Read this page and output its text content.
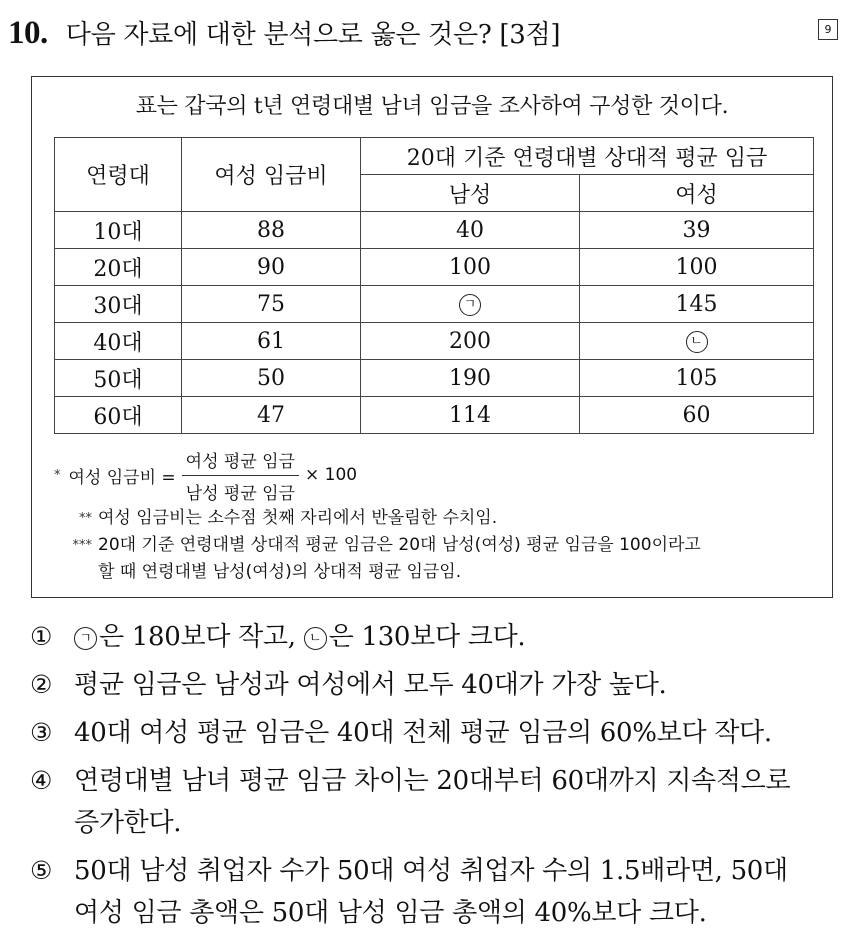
10. 다음 자료에 대한 분석으로 옳은 것은? [3점]	9
표는 갑국의 t년 연령대별 남녀 임금을 조사하여 구성한 것이다.
연령대	여성 임금비	20대 기준 연령대별 상대적 평균 임금	
		남성	여성
10대	88	40	39
20대	90	100	100
30대	75	ㄱ	145
40대	61	200	ㄴ
50대	50	190	105
60대	47	114	60
* 여성 임금비 = $\frac{\text{여성 평균 임금}}{\text{남성 평균 임금}} \times 100$
** 여성 임금비는 소수점 첫째 자리에서 반올림한 수치임.
*** 20대 기준 연령대별 상대적 평균 임금은 20대 남성(여성) 평균 임금을 100이라고
할 때 연령대별 남성(여성)의 상대적 평균 임금임.
①	ㄱ 은 180보다 작고, ㄴ 은 130보다 크다.
② 평균 임금은 남성과 여성에서 모두 40대가 가장 높다.
③ 40대 여성 평균 임금은 40대 전체 평균 임금의 60%보다 작다.
④ 연령대별 남녀 평균 임금 차이는 20대부터 60대까지 지속적으로
증가한다.
⑤ 50대 남성 취업자 수가 50대 여성 취업자 수의 1.5배라면, 50대
여성 임금 총액은 50대 남성 임금 총액의 40%보다 크다.
